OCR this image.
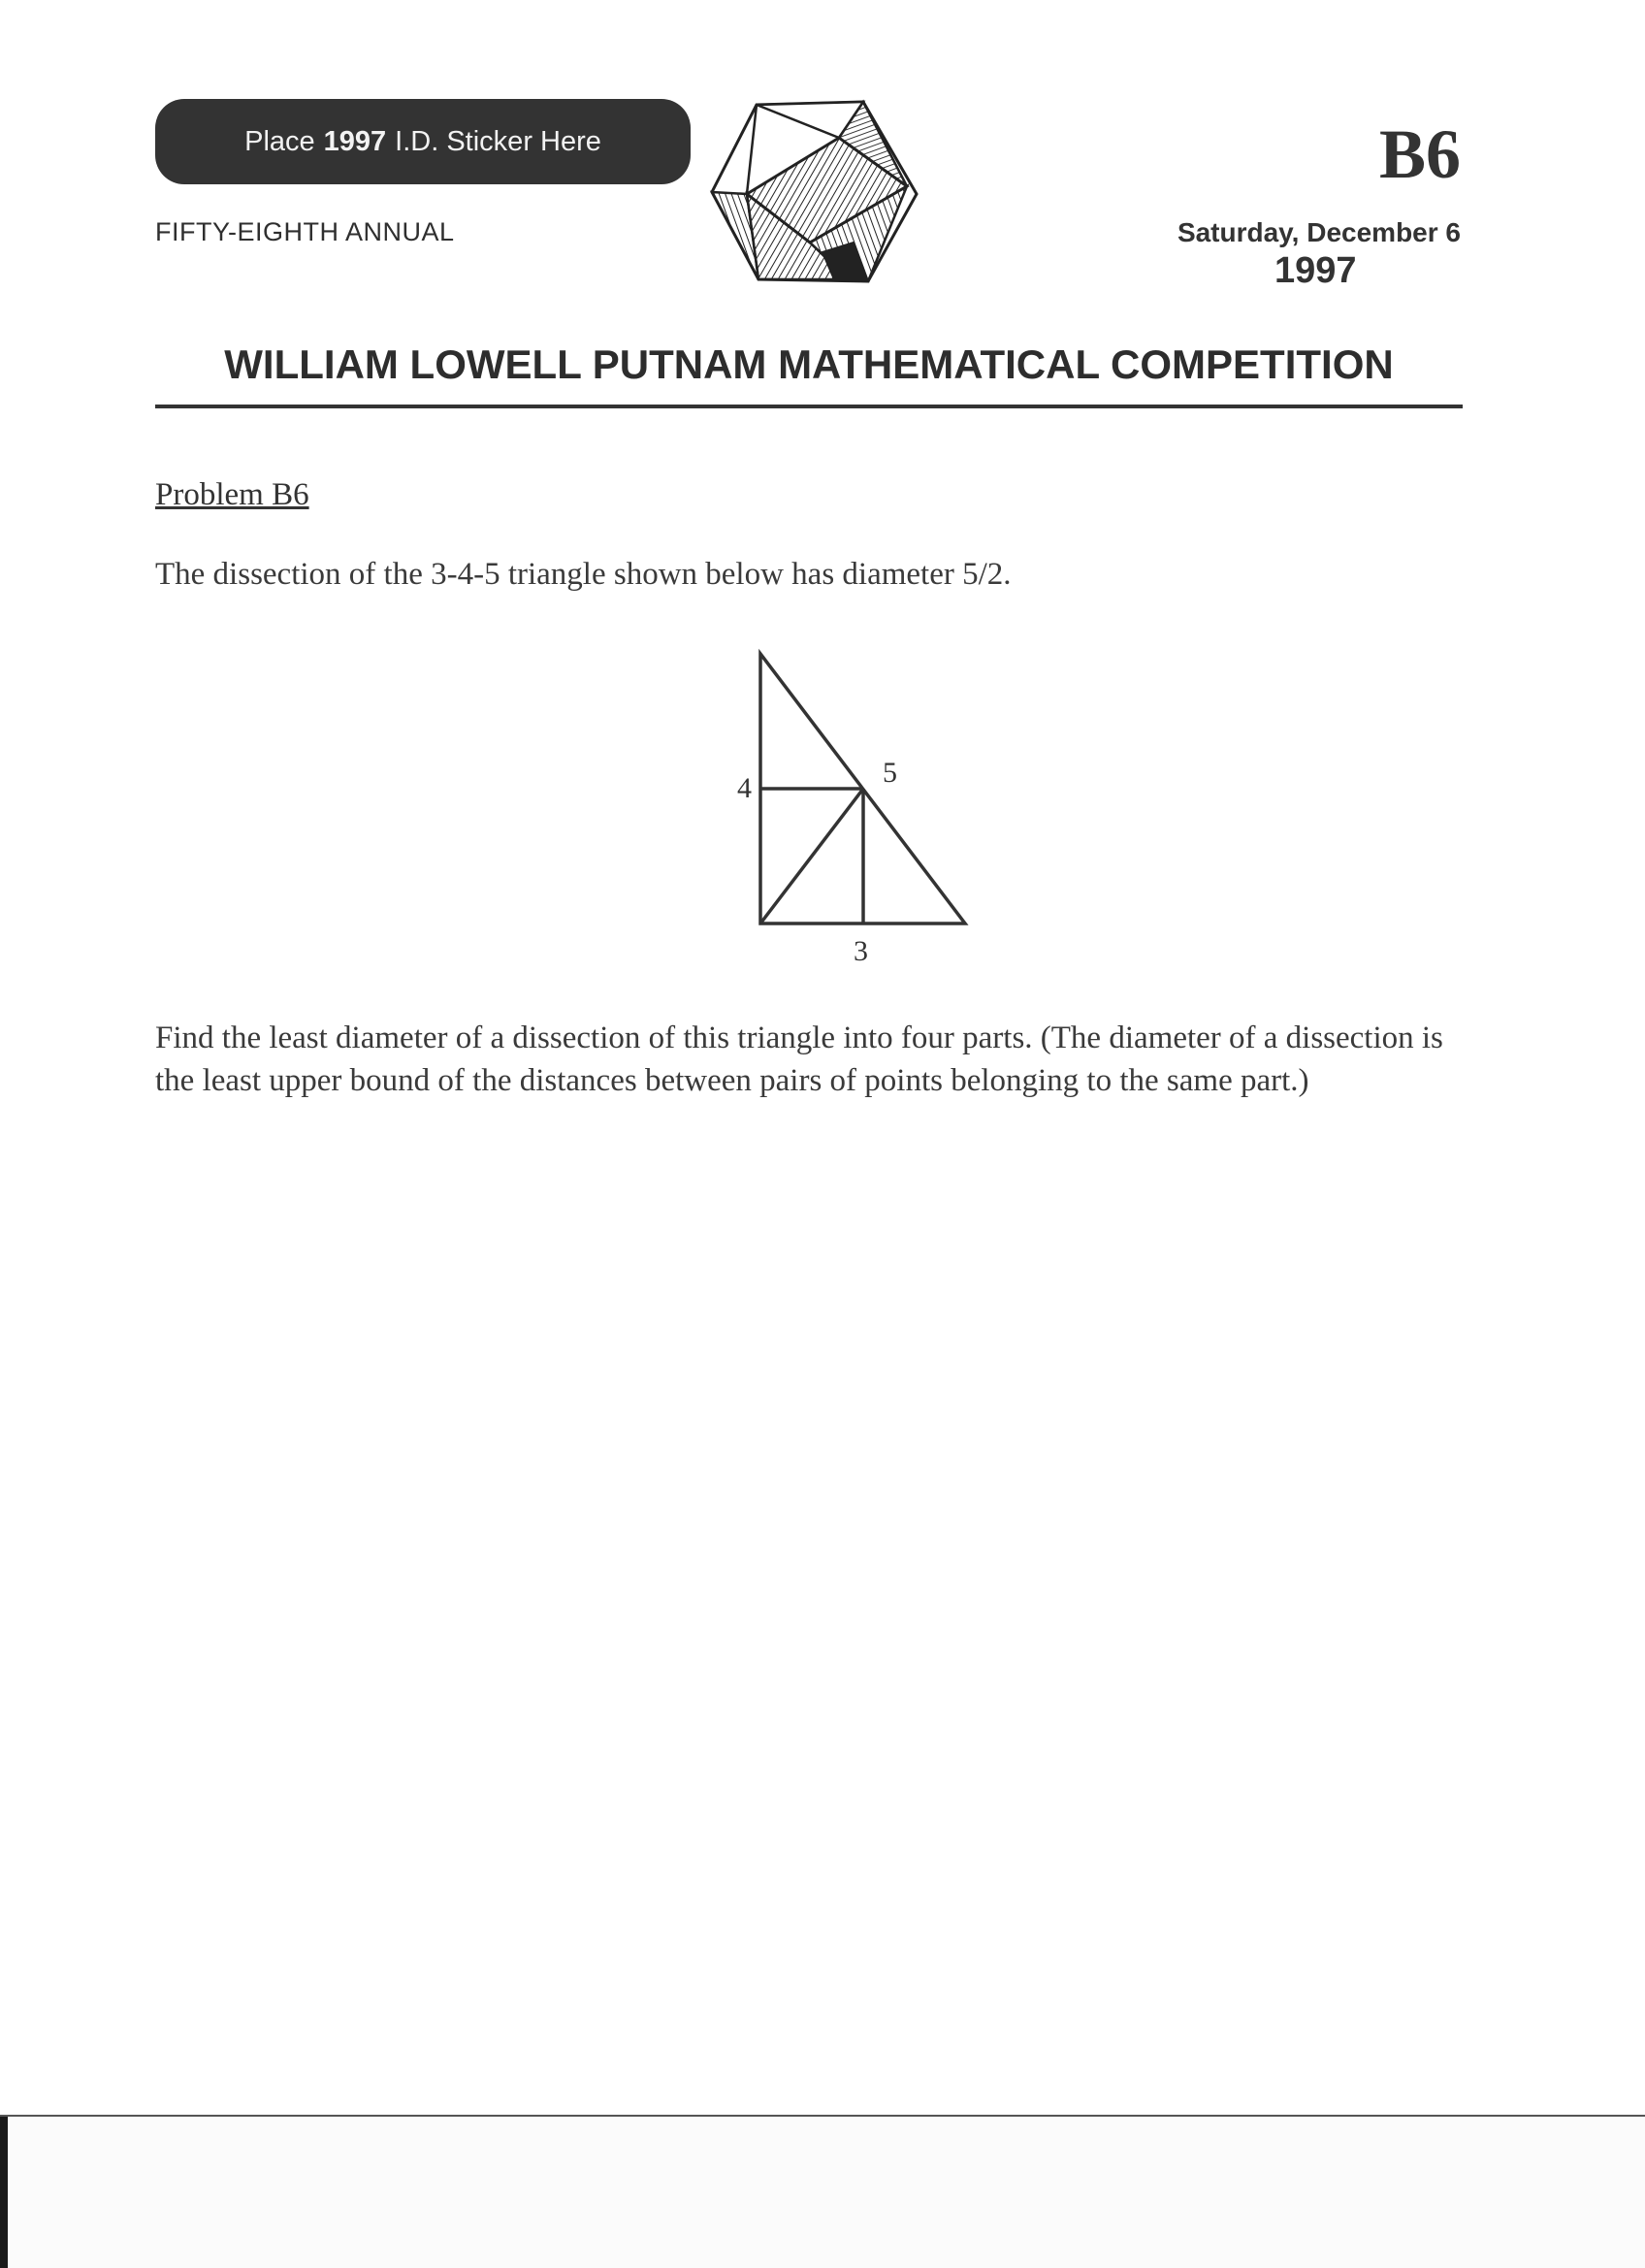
Place 1997 I.D. Sticker Here
FIFTY-EIGHTH ANNUAL
B6
Saturday, December 6
1997
WILLIAM LOWELL PUTNAM MATHEMATICAL COMPETITION
Problem B6
The dissection of the 3-4-5 triangle shown below has diameter 5/2.
4	5
3
Find the least diameter of a dissection of this triangle into four parts. (The diameter of a dissection is the least upper bound of the distances between pairs of points belonging to the same part.)
